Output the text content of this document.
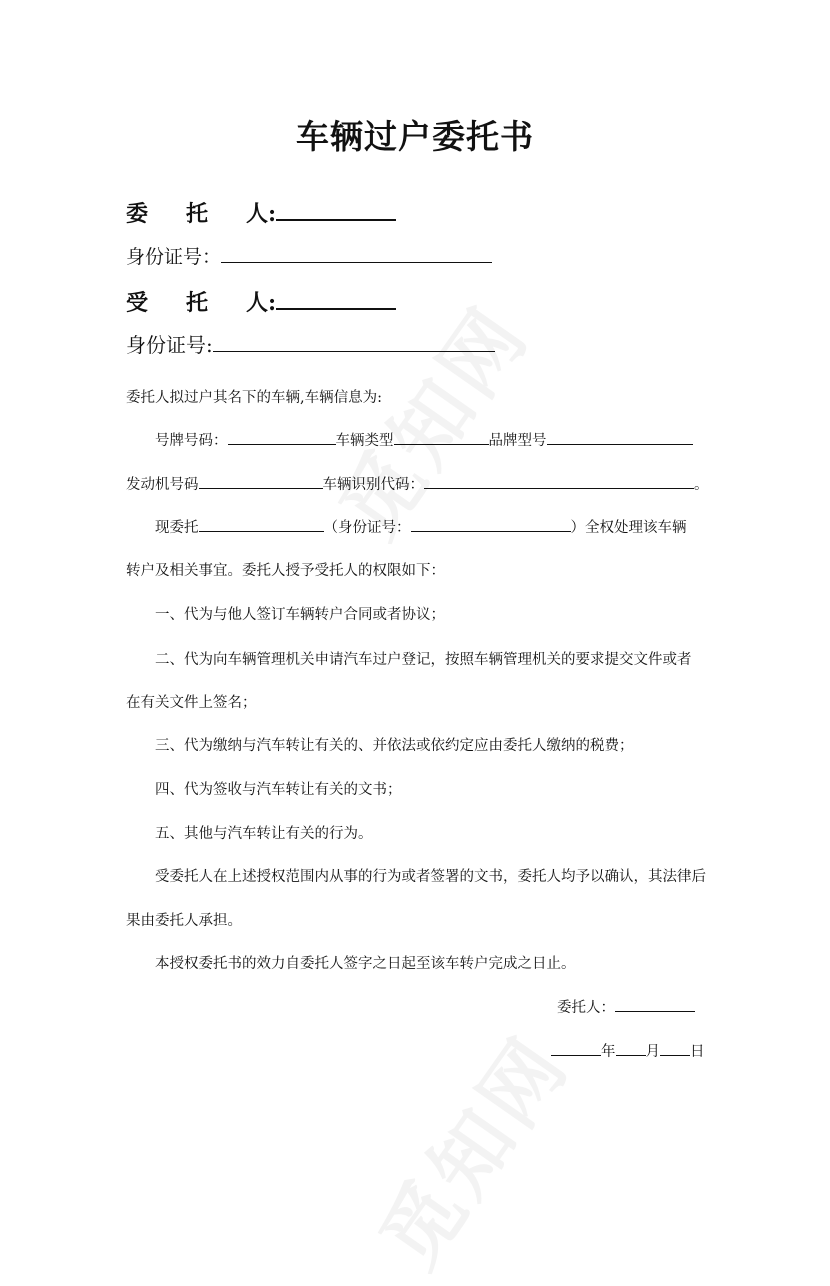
车辆过户委托书
委 托 人:
身份证号：
受 托 人:
身份证号:
委托人拟过户其名下的车辆,车辆信息为:
号牌号码：	车辆类型	品牌型号
发动机号码	车辆识别代码：	。
现委托	（身份证号：	）全权处理该车辆
转户及相关事宜。委托人授予受托人的权限如下：
一、代为与他人签订车辆转户合同或者协议；
二、代为向车辆管理机关申请汽车过户登记，按照车辆管理机关的要求提交文件或者
在有关文件上签名；
三、代为缴纳与汽车转让有关的、并依法或依约定应由委托人缴纳的税费；
四、代为签收与汽车转让有关的文书；
五、其他与汽车转让有关的行为。
受委托人在上述授权范围内从事的行为或者签署的文书，委托人均予以确认，其法律后
果由委托人承担。
本授权委托书的效力自委托人签字之日起至该车转户完成之日止。
委托人：
年 月 日
